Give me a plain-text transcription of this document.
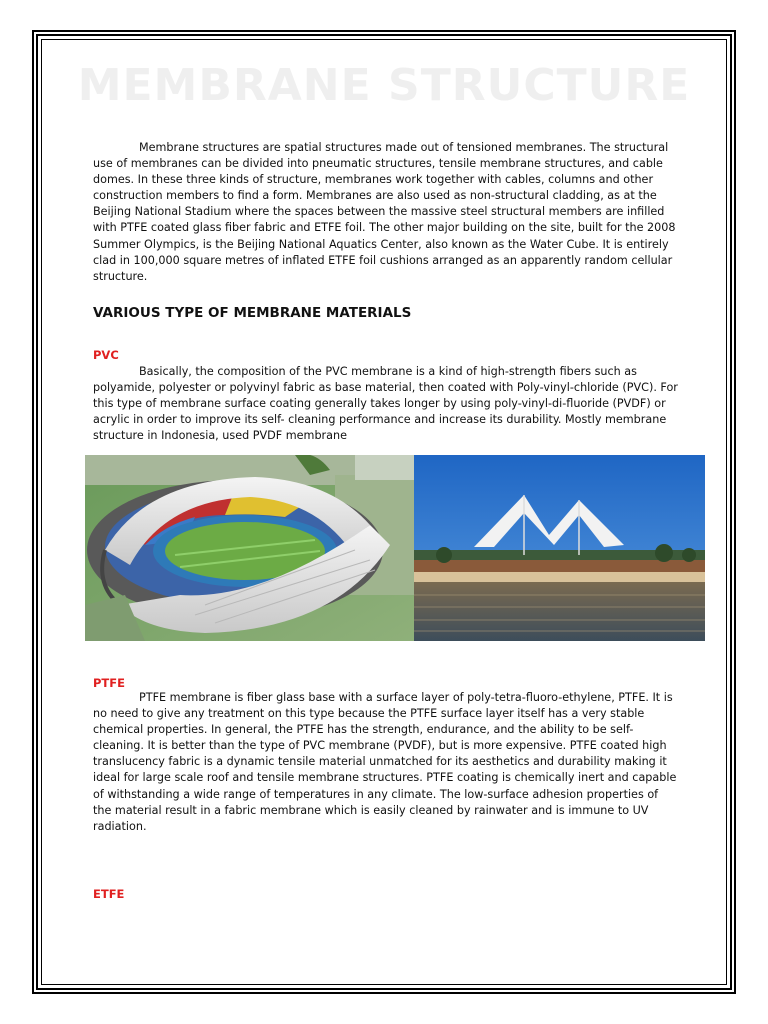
MEMBRANE STRUCTURE

Membrane structures are spatial structures made out of tensioned membranes. The structural use of membranes can be divided into pneumatic structures, tensile membrane structures, and cable domes. In these three kinds of structure, membranes work together with cables, columns and other construction members to find a form. Membranes are also used as non-structural cladding, as at the Beijing National Stadium where the spaces between the massive steel structural members are infilled with PTFE coated glass fiber fabric and ETFE foil. The other major building on the site, built for the 2008 Summer Olympics, is the Beijing National Aquatics Center, also known as the Water Cube. It is entirely clad in 100,000 square metres of inflated ETFE foil cushions arranged as an apparently random cellular structure.

VARIOUS TYPE OF MEMBRANE MATERIALS
PVC

Basically, the composition of the PVC membrane is a kind of high-strength fibers such as polyamide, polyester or polyvinyl fabric as base material, then coated with Poly-vinyl-chloride (PVC). For this type of membrane surface coating generally takes longer by using poly-vinyl-di-fluoride (PVDF) or acrylic in order to improve its self- cleaning performance and increase its durability. Mostly membrane structure in Indonesia, used PVDF membrane

PTFE

PTFE membrane is fiber glass base with a surface layer of poly-tetra-fluoro-ethylene, PTFE. It is no need to give any treatment on this type because the PTFE surface layer itself has a very stable chemical properties. In general, the PTFE has the strength, endurance, and the ability to be self-cleaning. It is better than the type of PVC membrane (PVDF), but is more expensive. PTFE coated high translucency fabric is a dynamic tensile material unmatched for its aesthetics and durability making it ideal for large scale roof and tensile membrane structures. PTFE coating is chemically inert and capable of withstanding a wide range of temperatures in any climate. The low-surface adhesion properties of the material result in a fabric membrane which is easily cleaned by rainwater and is immune to UV radiation.

ETFE
